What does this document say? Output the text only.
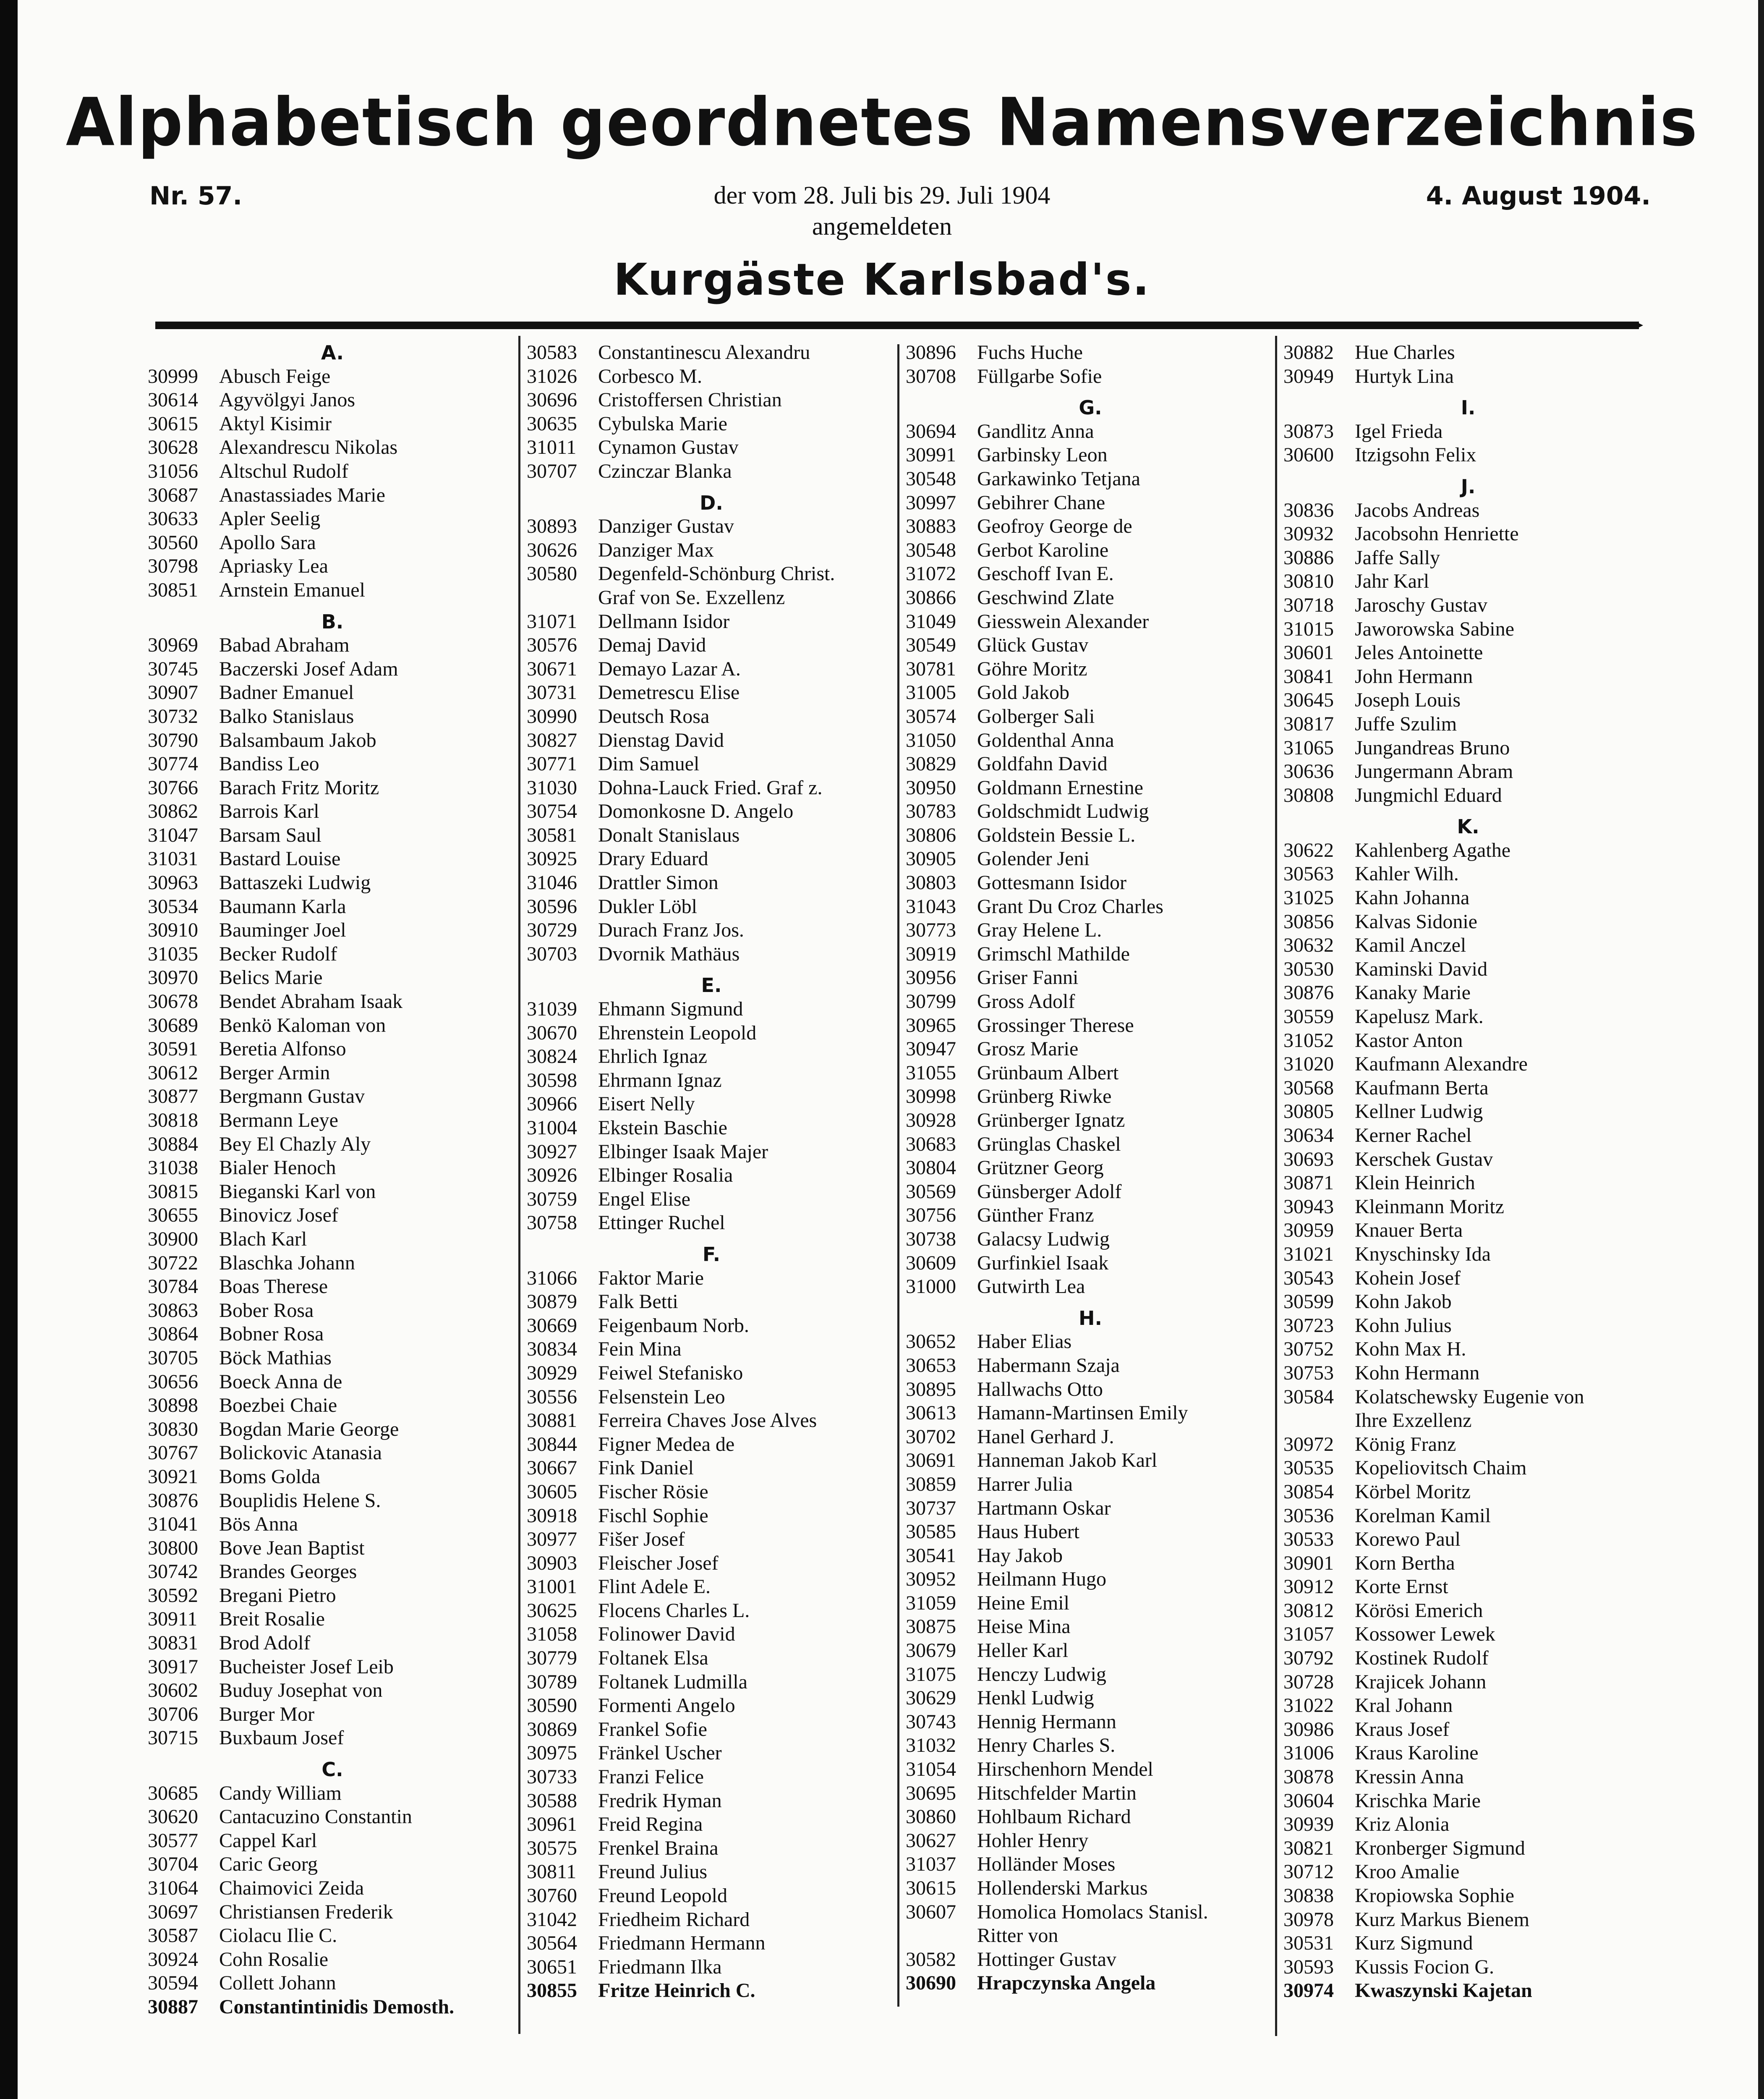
Alphabetisch geordnetes Namensverzeichnis
Nr. 57.	der vom 28. Juli bis 29. Juli 1904
angemeldeten
4. August 1904.
Kurgäste Karlsbad's.
A.
30999 Abusch Feige
30614 Agyvölgyi Janos
30615 Aktyl Kisimir
30628 Alexandrescu Nikolas
31056 Altschul Rudolf
30687 Anastassiades Marie
30633 Apler Seelig
30560 Apollo Sara
30798 Apriasky Lea
30851 Arnstein Emanuel
B.
30969 Babad Abraham
30745 Baczerski Josef Adam
30907 Badner Emanuel
30732 Balko Stanislaus
30790 Balsambaum Jakob
30774 Bandiss Leo
30766 Barach Fritz Moritz
30862 Barrois Karl
31047 Barsam Saul
31031 Bastard Louise
30963 Battaszeki Ludwig
30534 Baumann Karla
30910 Bauminger Joel
31035 Becker Rudolf
30970 Belics Marie
30678 Bendet Abraham Isaak
30689 Benkö Kaloman von
30591 Beretia Alfonso
30612 Berger Armin
30877 Bergmann Gustav
30818 Bermann Leye
30884 Bey El Chazly Aly
31038 Bialer Henoch
30815 Bieganski Karl von
30655 Binovicz Josef
30900 Blach Karl
30722 Blaschka Johann
30784 Boas Therese
30863 Bober Rosa
30864 Bobner Rosa
30705 Böck Mathias
30656 Boeck Anna de
30898 Boezbei Chaie
30830 Bogdan Marie George
30767 Bolickovic Atanasia
30921 Boms Golda
30876 Bouplidis Helene S.
31041 Bös Anna
30800 Bove Jean Baptist
30742 Brandes Georges
30592 Bregani Pietro
30911 Breit Rosalie
30831 Brod Adolf
30917 Bucheister Josef Leib
30602 Buduy Josephat von
30706 Burger Mor
30715 Buxbaum Josef
C.
30685 Candy William
30620 Cantacuzino Constantin
30577 Cappel Karl
30704 Caric Georg
31064 Chaimovici Zeida
30697 Christiansen Frederik
30587 Ciolacu Ilie C.
30924 Cohn Rosalie
30594 Collett Johann
30887 Constantintinidis Demosth.
30583 Constantinescu Alexandru
31026 Corbesco M.
30696 Cristoffersen Christian
30635 Cybulska Marie
31011 Cynamon Gustav
30707 Czinczar Blanka
D.
30893 Danziger Gustav
30626 Danziger Max
30580 Degenfeld-Schönburg Christ.
Graf von Se. Exzellenz
31071 Dellmann Isidor
30576 Demaj David
30671 Demayo Lazar A.
30731 Demetrescu Elise
30990 Deutsch Rosa
30827 Dienstag David
30771 Dim Samuel
31030 Dohna-Lauck Fried. Graf z.
30754 Domonkosne D. Angelo
30581 Donalt Stanislaus
30925 Drary Eduard
31046 Drattler Simon
30596 Dukler Löbl
30729 Durach Franz Jos.
30703 Dvornik Mathäus
E.
31039 Ehmann Sigmund
30670 Ehrenstein Leopold
30824 Ehrlich Ignaz
30598 Ehrmann Ignaz
30966 Eisert Nelly
31004 Ekstein Baschie
30927 Elbinger Isaak Majer
30926 Elbinger Rosalia
30759 Engel Elise
30758 Ettinger Ruchel
F.
31066 Faktor Marie
30879 Falk Betti
30669 Feigenbaum Norb.
30834 Fein Mina
30929 Feiwel Stefanisko
30556 Felsenstein Leo
30881 Ferreira Chaves Jose Alves
30844 Figner Medea de
30667 Fink Daniel
30605 Fischer Rösie
30918 Fischl Sophie
30977 Fišer Josef
30903 Fleischer Josef
31001 Flint Adele E.
30625 Flocens Charles L.
31058 Folinower David
30779 Foltanek Elsa
30789 Foltanek Ludmilla
30590 Formenti Angelo
30869 Frankel Sofie
30975 Fränkel Uscher
30733 Franzi Felice
30588 Fredrik Hyman
30961 Freid Regina
30575 Frenkel Braina
30811 Freund Julius
30760 Freund Leopold
31042 Friedheim Richard
30564 Friedmann Hermann
30651 Friedmann Ilka
30855 Fritze Heinrich C.
30896 Fuchs Huche
30708 Füllgarbe Sofie
G.
30694 Gandlitz Anna
30991 Garbinsky Leon
30548 Garkawinko Tetjana
30997 Gebihrer Chane
30883 Geofroy George de
30548 Gerbot Karoline
31072 Geschoff Ivan E.
30866 Geschwind Zlate
31049 Giesswein Alexander
30549 Glück Gustav
30781 Göhre Moritz
31005 Gold Jakob
30574 Golberger Sali
31050 Goldenthal Anna
30829 Goldfahn David
30950 Goldmann Ernestine
30783 Goldschmidt Ludwig
30806 Goldstein Bessie L.
30905 Golender Jeni
30803 Gottesmann Isidor
31043 Grant Du Croz Charles
30773 Gray Helene L.
30919 Grimschl Mathilde
30956 Griser Fanni
30799 Gross Adolf
30965 Grossinger Therese
30947 Grosz Marie
31055 Grünbaum Albert
30998 Grünberg Riwke
30928 Grünberger Ignatz
30683 Grünglas Chaskel
30804 Grützner Georg
30569 Günsberger Adolf
30756 Günther Franz
30738 Galacsy Ludwig
30609 Gurfinkiel Isaak
31000 Gutwirth Lea
H.
30652 Haber Elias
30653 Habermann Szaja
30895 Hallwachs Otto
30613 Hamann-Martinsen Emily
30702 Hanel Gerhard J.
30691 Hanneman Jakob Karl
30859 Harrer Julia
30737 Hartmann Oskar
30585 Haus Hubert
30541 Hay Jakob
30952 Heilmann Hugo
31059 Heine Emil
30875 Heise Mina
30679 Heller Karl
31075 Henczy Ludwig
30629 Henkl Ludwig
30743 Hennig Hermann
31032 Henry Charles S.
31054 Hirschenhorn Mendel
30695 Hitschfelder Martin
30860 Hohlbaum Richard
30627 Hohler Henry
31037 Holländer Moses
30615 Hollenderski Markus
30607 Homolica Homolacs Stanisl.
Ritter von
30582 Hottinger Gustav
30690 Hrapczynska Angela
30882 Hue Charles
30949 Hurtyk Lina
I.
30873 Igel Frieda
30600 Itzigsohn Felix
J.
30836 Jacobs Andreas
30932 Jacobsohn Henriette
30886 Jaffe Sally
30810 Jahr Karl
30718 Jaroschy Gustav
31015 Jaworowska Sabine
30601 Jeles Antoinette
30841 John Hermann
30645 Joseph Louis
30817 Juffe Szulim
31065 Jungandreas Bruno
30636 Jungermann Abram
30808 Jungmichl Eduard
K.
30622 Kahlenberg Agathe
30563 Kahler Wilh.
31025 Kahn Johanna
30856 Kalvas Sidonie
30632 Kamil Anczel
30530 Kaminski David
30876 Kanaky Marie
30559 Kapelusz Mark.
31052 Kastor Anton
31020 Kaufmann Alexandre
30568 Kaufmann Berta
30805 Kellner Ludwig
30634 Kerner Rachel
30693 Kerschek Gustav
30871 Klein Heinrich
30943 Kleinmann Moritz
30959 Knauer Berta
31021 Knyschinsky Ida
30543 Kohein Josef
30599 Kohn Jakob
30723 Kohn Julius
30752 Kohn Max H.
30753 Kohn Hermann
30584 Kolatschewsky Eugenie von
Ihre Exzellenz
30972 König Franz
30535 Kopeliovitsch Chaim
30854 Körbel Moritz
30536 Korelman Kamil
30533 Korewo Paul
30901 Korn Bertha
30912 Korte Ernst
30812 Körösi Emerich
31057 Kossower Lewek
30792 Kostinek Rudolf
30728 Krajicek Johann
31022 Kral Johann
30986 Kraus Josef
31006 Kraus Karoline
30878 Kressin Anna
30604 Krischka Marie
30939 Kriz Alonia
30821 Kronberger Sigmund
30712 Kroo Amalie
30838 Kropiowska Sophie
30978 Kurz Markus Bienem
30531 Kurz Sigmund
30593 Kussis Focion G.
30974 Kwaszynski Kajetan
